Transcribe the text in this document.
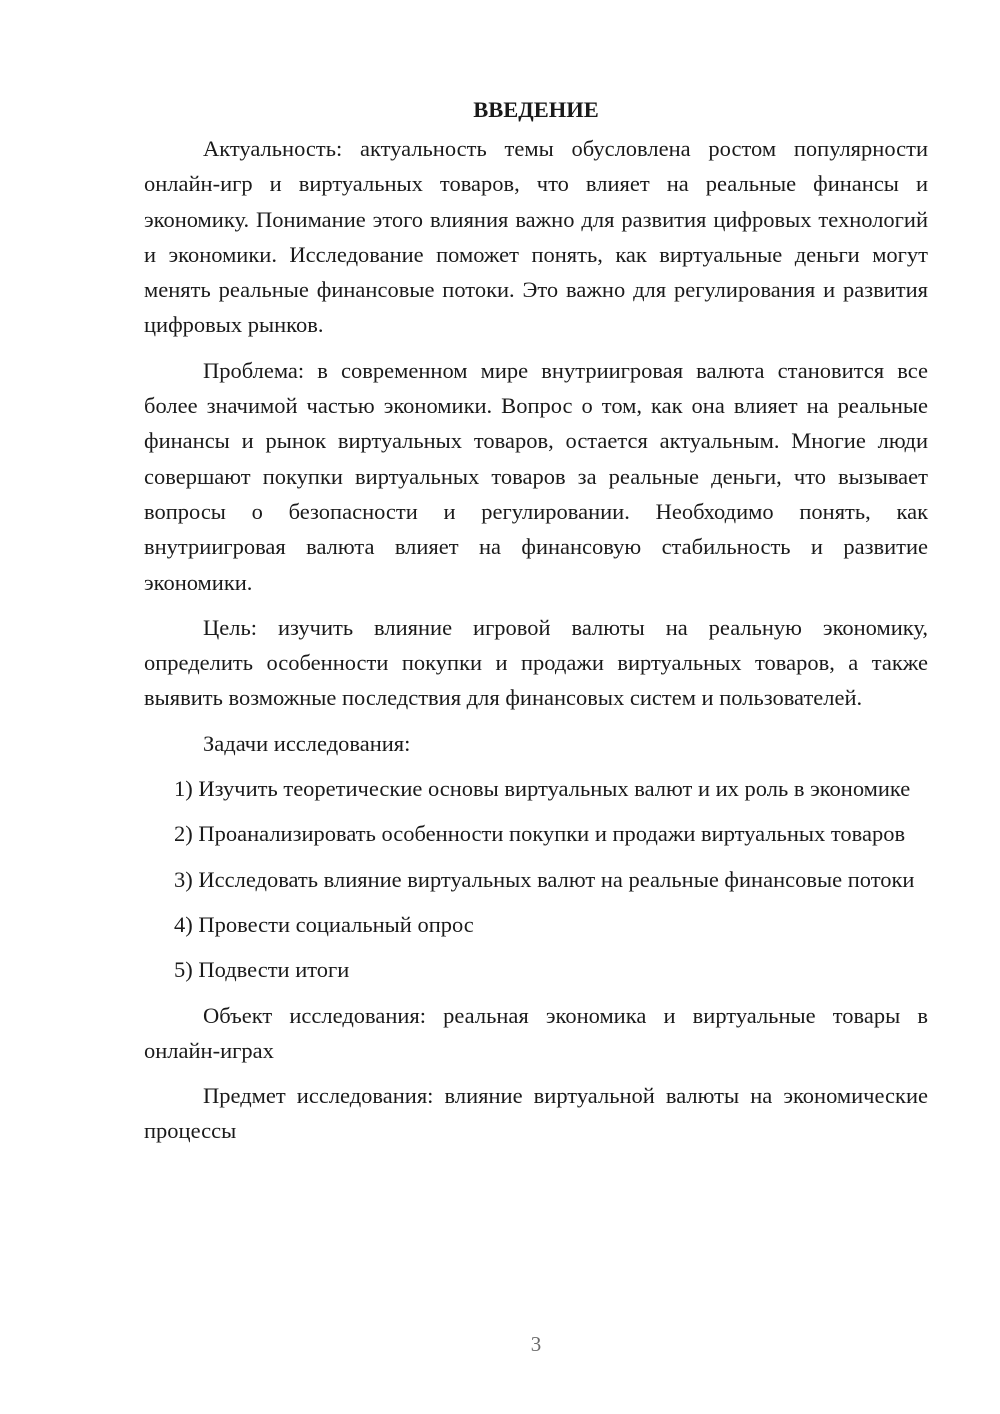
ВВЕДЕНИЕ

Актуальность: актуальность темы обусловлена ростом популярности онлайн-игр и виртуальных товаров, что влияет на реальные финансы и экономику. Понимание этого влияния важно для развития цифровых технологий и экономики. Исследование поможет понять, как виртуальные деньги могут менять реальные финансовые потоки. Это важно для регулирования и развития цифровых рынков.

Проблема: в современном мире внутриигровая валюта становится все более значимой частью экономики. Вопрос о том, как она влияет на реальные финансы и рынок виртуальных товаров, остается актуальным. Многие люди совершают покупки виртуальных товаров за реальные деньги, что вызывает вопросы о безопасности и регулировании. Необходимо понять, как внутриигровая валюта влияет на финансовую стабильность и развитие экономики.

Цель: изучить влияние игровой валюты на реальную экономику, определить особенности покупки и продажи виртуальных товаров, а также выявить возможные последствия для финансовых систем и пользователей.

Задачи исследования:

1) Изучить теоретические основы виртуальных валют и их роль в экономике

2) Проанализировать особенности покупки и продажи виртуальных товаров

3) Исследовать влияние виртуальных валют на реальные финансовые потоки

4) Провести социальный опрос

5) Подвести итоги

Объект исследования: реальная экономика и виртуальные товары в онлайн-играх

Предмет исследования: влияние виртуальной валюты на экономические процессы

3
